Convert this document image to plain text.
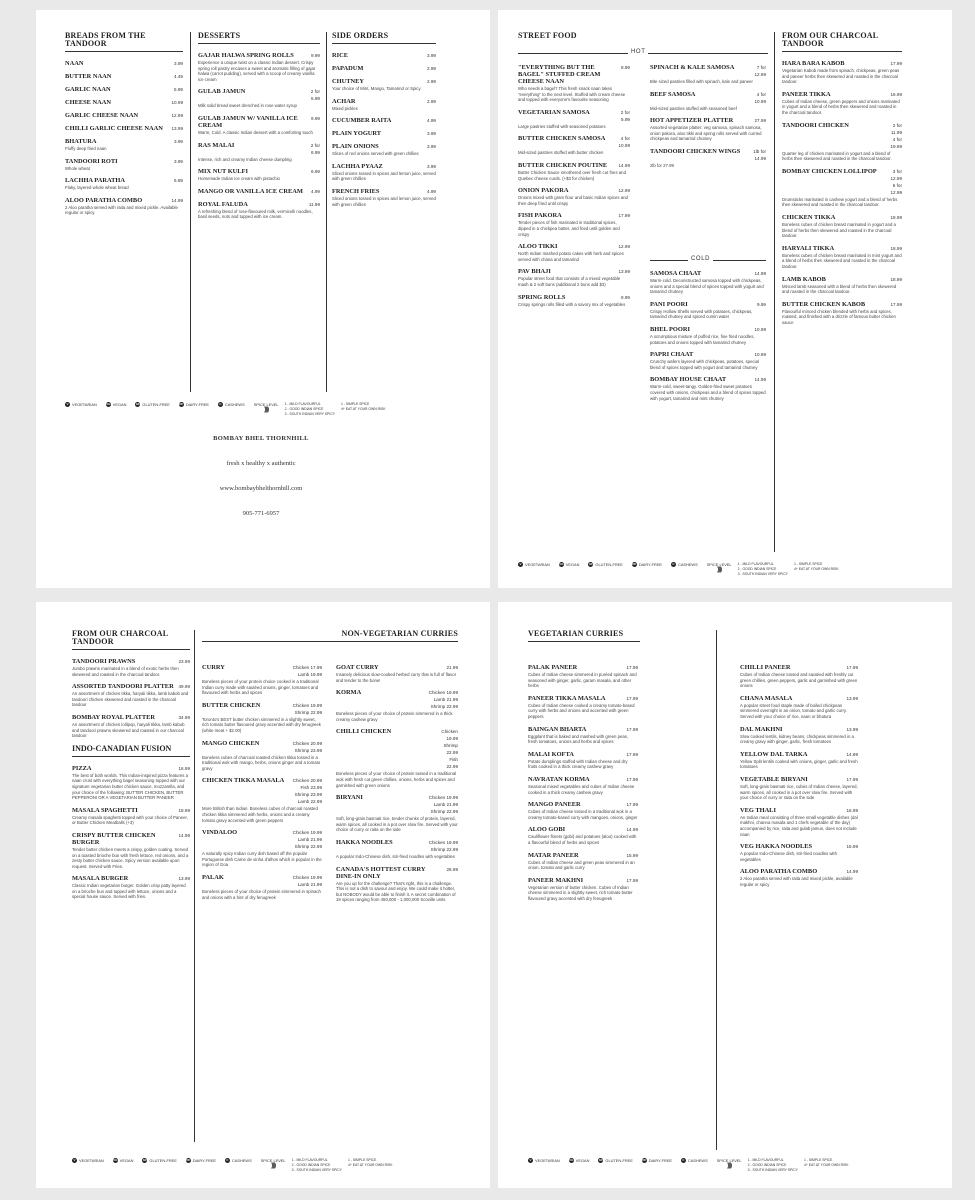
BREADS FROM THE TANDOOR
NAAN	3.99
BUTTER NAAN	4.49
GARLIC NAAN	5.99
CHEESE NAAN	10.99
GARLIC CHEESE NAAN	12.99
CHILLI GARLIC CHEESE NAAN	13.99
BHATURA	3.99
Fluffy deep fried naan
TANDOORI ROTI	3.99
Whole wheat
LACHHA PARATHA	6.99
Flaky, layered whole wheat bread
ALOO PARATHA COMBO	14.99
2 Aloo paratha served with raita and mixed pickle. Available regular or spicy.
DESSERTS
GAJAR HALWA SPRING ROLLS	9.99
Experience a unique twist on a classic Indian dessert. Crispy spring roll pastry encases a sweet and aromatic filling of gajar halwa (carrot pudding), served with a scoop of creamy vanilla ice cream
GULAB JAMUN	2 for
5.99
Milk solid bread sweet drenched in rose water syrup
GULAB JAMUN W/ VANILLA ICE CREAM
9.99
Warm, Cold. A classic Indian dessert with a comforting touch
RAS MALAI	2 for
6.99
Intense, rich and creamy Indian cheese dumpling
MIX NUT KULFI	6.99
Homemade Indian ice cream with pistachio
MANGO OR VANILLA ICE CREAM	4.99
ROYAL FALUDA	11.99
A refreshing blend of rose-flavoured milk, vermicelli noodles, basil seeds, nuts and topped with ice cream.
SIDE ORDERS
RICE	3.99
PAPADUM	2.99
CHUTNEY	2.99
Your choice of Mint, Mango, Tamarind or Spicy
ACHAR	2.99
Mixed pickles
CUCUMBER RAITA	4.99
PLAIN YOGURT	3.99
PLAIN ONIONS	3.99
Slices of red onions served with green chillies
LACHHA PYAAZ	3.99
Sliced onions tossed in spices and lemon juice, served with green chillies
FRENCH FRIES	4.99
Sliced onions tossed in spices and lemon juice, served with green chillies
V VEGETARIAN	VG VEGAN	GF GLUTEN-FREE	DF DAIRY-FREE	C CASHEWS SPICE LEVEL
))))
1 - MILD FLAVOURFUL
2 - GOOD INDIAN SPICE
3 - SOUTH INDIAN VERY SPICY
1 - SIMPLE SPICE
4+ EAT AT YOUR OWN RISK
BOMBAY BHEL THORNHILL
fresh x healthy x authentic
www.bombaybhelthornhill.com
905-771-6957
STREET FOOD
HOT
"EVERYTHING BUT THE BAGEL" STUFFED CREAM CHEESE NAAN
8.99
Who needs a bagel? This fresh snack naan takes "everything" to the next level. Stuffed with cream cheese and topped with everyone's favourite seasoning
VEGETARIAN SAMOSA	2 for
5.99
Large pastries stuffed with seasoned potatoes
BUTTER CHICKEN SAMOSA	4 for
10.99
Mid-sized pastries stuffed with butter chicken
BUTTER CHICKEN POUTINE	14.99
Butter Chicken Sauce smothered over fresh cut fries and Quebec cheese curds. (+$3 for chicken)
ONION PAKORA	12.99
Onions mixed with gram flour and basic Indian spices and then deep fried until crispy
FISH PAKORA	17.99
Tender pieces of fish marinated in traditional spices, dipped in a chickpea batter, and fried until golden and crispy
ALOO TIKKI	12.99
North Indian mashed potato cakes with herb and spices served with chana and tamarind
PAV BHAJI	13.99
Popular street food that consists of a mixed vegetable mash & 2 soft buns (additional 2 buns add $3)
SPRING ROLLS	8.99
Crispy springs rolls filled with a savory mix of vegetables
SPINACH & KALE SAMOSA	7 for
12.99
Bite sized pastries filled with spinach, kale and paneer
BEEF SAMOSA	4 for
10.99
Mid-sized pastries stuffed with seasoned beef
HOT APPETIZER PLATTER	27.99
Assorted vegetarian platter: veg samosa, spinach samosa, onion pakora, aloo tikki and spring rolls served with curried chickpeas and tamarind chutney
TANDOORI CHICKEN WINGS	1lb for
14.99
2lb for 27.99
COLD
SAMOSA CHAAT	14.99
Warm-cold. Deconstructed samosa topped with chickpeas, onions and a special blend of spices topped with yogurt and tamarind chutney
PANI POORI	9.99
Crispy Hollow Shells served with potatoes, chickpeas, tamarind chutney and spiced cumin water
BHEL POORI	10.99
A scrumptious mixture of puffed rice, fine fried noodles, potatoes and onions topped with tamarind chutney
PAPRI CHAAT	10.99
Crunchy wafers layered with chickpeas, potatoes, special blend of spices topped with yogurt and tamarind chutney
BOMBAY HOUSE CHAAT	14.99
Warm-cold, sweet-tangy. Golden-fried sweet potatoes covered with onions, chickpeas and a blend of spices topped with yogurt, tamarind and mint chutney
FROM OUR CHARCOAL TANDOOR
HARA BARA KABOB	17.99
Vegetarian Kabob made from spinach, chickpeas, green peas and paneer herbs then skewered and roasted in the charcoal tandoor.
PANEER TIKKA	16.99
Cubes of Indian cheese, green peppers and onions marinated in yogurt and a blend of herbs then skewered and roasted in the charcoal tandoor.
TANDOORI CHICKEN	2 for
11.99
4 for
19.99
Quarter leg of chicken marinated in yogurt and a blend of herbs then skewered and roasted in the charcoal tandoor.
BOMBAY CHICKEN LOLLIPOP	3 for
12.99
6 for
12.99
Drumsticks marinated in cashew yogurt and a blend of herbs then skewered and roasted in the charcoal tandoor.
CHICKEN TIKKA	18.99
Boneless cubes of chicken breast marinated in yogurt and a blend of herbs then skewered and roasted in the charcoal tandoor.
HARYALI TIKKA	18.99
Boneless cubes of chicken breast marinated in mint yogurt and a blend of herbs then skewered and roasted in the charcoal tandoor.
LAMB KABOB	18.99
Minced lamb seasoned with a blend of herbs then skewered and roasted in the charcoal tandoor.
BUTTER CHICKEN KABOB	17.99
Flavourful minced chicken blended with herbs and spices, roasted, and finished with a drizzle of famous butter chicken sauce
V VEGETARIAN	VG VEGAN	GF GLUTEN-FREE	DF DAIRY-FREE	C CASHEWS SPICE LEVEL
))))
1 - MILD FLAVOURFUL
2 - GOOD INDIAN SPICE
3 - SOUTH INDIAN VERY SPICY
1 - SIMPLE SPICE
4+ EAT AT YOUR OWN RISK
FROM OUR CHARCOAL TANDOOR
TANDOORI PRAWNS	23.99
Jumbo prawns marinated in a blend of exotic herbs then skewered and roasted in the charcoal tandoor.
ASSORTED TANDOORI PLATTER	49.99
An assortment of chicken tikka, haryali tikka, lamb kabob and tandoori chicken skewered and roasted in the charcoal tandoor
BOMBAY ROYAL PLATTER	34.99
An assortment of chicken lollipop, haryali tikka, lamb kabob and tandoori prawns skewered and roasted in our charcoal tandoor
INDO-CANADIAN FUSION
PIZZA	16.99
The best of both worlds. This Indian-inspired pizza features a naan crust with everything bagel seasoning topped with our signature vegetarian butter chicken sauce, mozzarella, and your choice of the following: BUTTER CHICKEN, BUTTER PEPPERONI OR A VEGETARIAN BUTTER PANEER
MASALA SPAGHETTI	18.99
Creamy masala spaghetti topped with your choice of Paneer, or Butter Chicken Meatballs (+3)
CRISPY BUTTER CHICKEN BURGER
14.99
Tender butter chicken meets a crispy, golden coating. Served on a toasted brioche bun with fresh lettuce, red onions, and a zesty butter chicken sauce. Spicy version available upon request. Served with Fries.
MASALA BURGER	13.99
Classic Indian vegetarian burger. Golden crisp patty layered on a brioche bun and topped with lettuce, onions and a special house sauce. Served with fries.
NON-VEGETARIAN CURRIES
CURRY	Chicken 17.99
Lamb 19.99
Boneless pieces of your protein choice cooked in a traditional Indian curry made with sautéed onions, ginger, tomatoes and flavoured with herbs and spices
BUTTER CHICKEN	Chicken 19.99
Shrimp 22.99
Toronto's BEST butter chicken simmered in a slightly sweet, rich tomato butter flavoured gravy accented with dry fenugreek (white meat + $2.00)
MANGO CHICKEN	Chicken 20.99
Shrimp 23.99
Boneless cubes of charcoal roasted chicken tikka tossed in a traditional wok with mango, herbs, onions ginger and a tomato gravy
CHICKEN TIKKA MASALA	Chicken 20.99
Fish 23.99
Shrimp 23.99
Lamb 22.99
More British than Indian. Boneless cubes of charcoal roasted chicken tikka simmered with herbs, onions and a creamy tomato gravy accented with green peppers
VINDALOO	Chicken 19.99
Lamb 21.99
Shrimp 22.99
A naturally spicy Indian curry dish based off the popular Portuguese dish Carne de vinha d'alhos which is popular in the region of Goa
PALAK	Chicken 19.99
Lamb 21.99
Boneless pieces of your choice of protein simmered in spinach and onions with a hint of dry fenugreek
GOAT CURRY	21.99
Insanely delicious slow-cooked herbed curry that is full of flavor and tender to the bone!
KORMA	Chicken 19.99
Lamb 21.99
Shrimp 22.99
Boneless pieces of your choice of protein simmered in a thick creamy cashew gravy
CHILLI CHICKEN	Chicken
19.99
Shrimp
22.99
Fish
22.99
Boneless pieces of your choice of protein tossed in a traditional wok with fresh cut green chillies, onions, herbs and spices and garnished with green onions
BIRYANI	Chicken 19.99
Lamb 21.99
Shrimp 22.99
Soft, long-grain basmati rice, tender chunks of protein, layered, warm spices, all cooked in a pot over slow fire. Served with your choice of curry or raita on the side
HAKKA NOODLES	Chicken 19.99
Shrimp 22.99
A popular Indo-Chinese dish, stir-fried noodles with vegetables
CANADA'S HOTTEST CURRY DINE-IN ONLY
26.99
Are you up for the challenge? That's right, this is a challenge. This is not a dish to savour and enjoy. We could make it hotter, but NOBODY would be able to finish it. A secret combination of 19 spices ranging from 450,000 - 1,000,000 Scoville units
V VEGETARIAN	VG VEGAN	GF GLUTEN-FREE	DF DAIRY-FREE	C CASHEWS SPICE LEVEL
))))
1 - MILD FLAVOURFUL
2 - GOOD INDIAN SPICE
3 - SOUTH INDIAN VERY SPICY
1 - SIMPLE SPICE
4+ EAT AT YOUR OWN RISK
VEGETARIAN CURRIES
PALAK PANEER	17.99
Cubes of Indian cheese simmered in puréed spinach and seasoned with ginger, garlic, garam masala, and other herbs
PANEER TIKKA MASALA	17.99
Cubes of Indian cheese cooked a creamy tomato-based curry with herbs and onions and accented with green peppers
BAINGAN BHARTA	17.99
Eggplant that is baked and mashed with green peas, fresh tomatoes, onions and herbs and spices
MALAI KOFTA	17.99
Potato dumplings stuffed with Indian cheese and dry fruits cooked in a thick creamy cashew gravy
NAVRATAN KORMA	17.99
Seasonal mixed vegetables and cubes of Indian cheese cooked in a thick creamy cashew gravy
MANGO PANEER	17.99
Cubes of Indian cheese tossed in a traditional wok in a creamy tomato-based curry with mangoes, onions, ginger
ALOO GOBI	14.99
Cauliflower florets (gobi) and potatoes (aloo) cooked with a flavourful blend of herbs and spices
MATAR PANEER	15.99
Cubes of Indian cheese and green peas simmered in an onion, tomato and garlic curry
PANEER MAKHNI	17.99
Vegetarian version of butter chicken. Cubes of Indian cheese simmered in a slightly sweet, rich tomato butter flavoured gravy accented with dry fenugreek
CHILLI PANEER	17.99
Cubes of Indian cheese tossed and sautéed with freshly cut green chillies, green peppers, garlic and garnished with green onions
CHANA MASALA	13.99
A popular street food staple made of boiled chickpeas simmered overnight in an onion, tomato and garlic curry. Served with your choice of rice, naan or bhatura
DAL MAKHNI	13.99
Slow cooked lentils, kidney beans, chickpeas simmered in a creamy gravy with ginger, garlic, fresh tomatoes
YELLOW DAL TARKA	14.99
Yellow Split lentils cooked with onions, ginger, garlic and fresh tomatoes
VEGETABLE BIRYANI	17.99
Soft, long-grain basmati rice, cubes of Indian cheese, layered, warm spices, all cooked in a pot over slow fire. Served with your choice of curry or raita on the side
VEG THALI	16.99
An Indian meal consisting of three small vegetable dishes (dal makhni, channa masala and 1 chefs vegetable of the day) accompanied by rice, raita and gulab jamun, does not include naan
VEG HAKKA NOODLES	15.99
A popular Indo-Chinese dish, stir-fried noodles with vegetables
ALOO PARATHA COMBO	14.99
2 Aloo paratha served with raita and mixed pickle, available regular or spicy
V VEGETARIAN	VG VEGAN	GF GLUTEN-FREE	DF DAIRY-FREE	C CASHEWS SPICE LEVEL
))))
1 - MILD FLAVOURFUL
2 - GOOD INDIAN SPICE
3 - SOUTH INDIAN VERY SPICY
1 - SIMPLE SPICE
4+ EAT AT YOUR OWN RISK
